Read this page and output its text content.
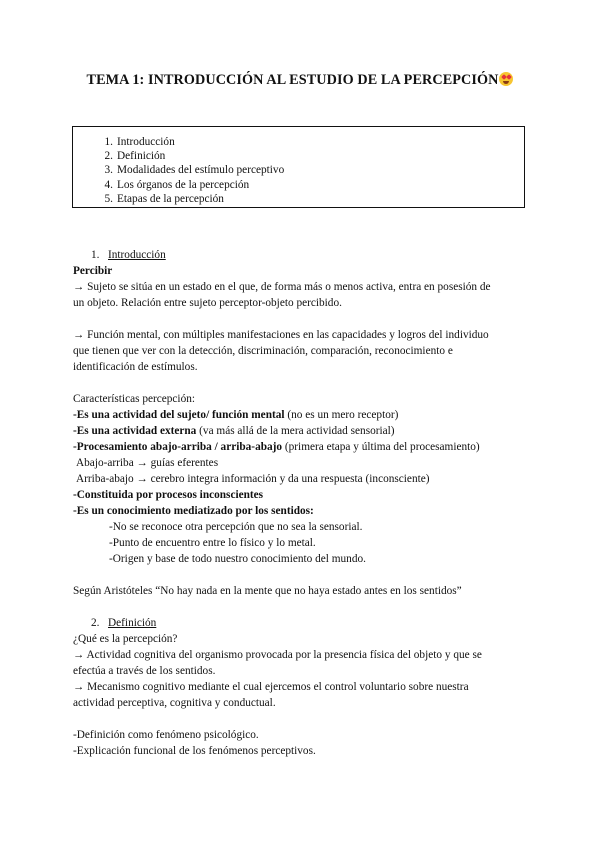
TEMA 1: INTRODUCCIÓN AL ESTUDIO DE LA PERCEPCIÓN
1. Introducción
2. Definición
3. Modalidades del estímulo perceptivo
4. Los órganos de la percepción
5. Etapas de la percepción
1. Introducción
Percibir
→ Sujeto se sitúa en un estado en el que, de forma más o menos activa, entra en posesión de
un objeto. Relación entre sujeto perceptor-objeto percibido.
→ Función mental, con múltiples manifestaciones en las capacidades y logros del individuo
que tienen que ver con la detección, discriminación, comparación, reconocimiento e
identificación de estímulos.
Características percepción:
-Es una actividad del sujeto/ función mental (no es un mero receptor)
-Es una actividad externa (va más allá de la mera actividad sensorial)
-Procesamiento abajo-arriba / arriba-abajo (primera etapa y última del procesamiento)
Abajo-arriba → guías eferentes
Arriba-abajo → cerebro integra información y da una respuesta (inconsciente)
-Constituida por procesos inconscientes
-Es un conocimiento mediatizado por los sentidos:
-No se reconoce otra percepción que no sea la sensorial.
-Punto de encuentro entre lo físico y lo metal.
-Origen y base de todo nuestro conocimiento del mundo.
Según Aristóteles “No hay nada en la mente que no haya estado antes en los sentidos”
2. Definición
¿Qué es la percepción?
→ Actividad cognitiva del organismo provocada por la presencia física del objeto y que se
efectúa a través de los sentidos.
→ Mecanismo cognitivo mediante el cual ejercemos el control voluntario sobre nuestra
actividad perceptiva, cognitiva y conductual.
-Definición como fenómeno psicológico.
-Explicación funcional de los fenómenos perceptivos.
